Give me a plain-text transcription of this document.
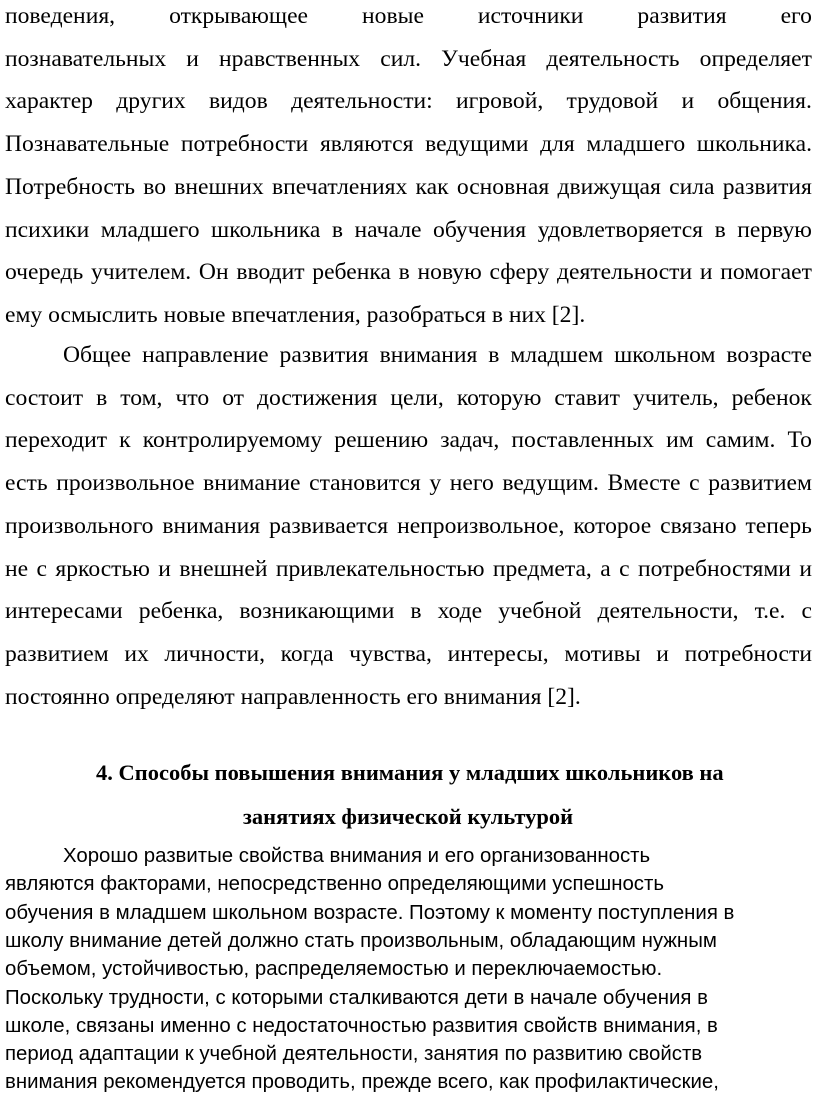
поведения, открывающее новые источники развития его
познавательных и нравственных сил. Учебная деятельность определяет
характер других видов деятельности: игровой, трудовой и общения.
Познавательные потребности являются ведущими для младшего школьника.
Потребность во внешних впечатлениях как основная движущая сила развития
психики младшего школьника в начале обучения удовлетворяется в первую
очередь учителем. Он вводит ребенка в новую сферу деятельности и помогает
ему осмыслить новые впечатления, разобраться в них [2].
Общее направление развития внимания в младшем школьном возрасте
состоит в том, что от достижения цели, которую ставит учитель, ребенок
переходит к контролируемому решению задач, поставленных им самим. То
есть произвольное внимание становится у него ведущим. Вместе с развитием
произвольного внимания развивается непроизвольное, которое связано теперь
не с яркостью и внешней привлекательностью предмета, а с потребностями и
интересами ребенка, возникающими в ходе учебной деятельности, т.е. с
развитием их личности, когда чувства, интересы, мотивы и потребности
постоянно определяют направленность его внимания [2].
4. Способы повышения внимания у младших школьников на
занятиях физической культурой
Хорошо развитые свойства внимания и его организованность
являются факторами, непосредственно определяющими успешность
обучения в младшем школьном возрасте. Поэтому к моменту поступления в
школу внимание детей должно стать произвольным, обладающим нужным
объемом, устойчивостью, распределяемостью и переключаемостью.
Поскольку трудности, с которыми сталкиваются дети в начале обучения в
школе, связаны именно с недостаточностью развития свойств внимания, в
период адаптации к учебной деятельности, занятия по развитию свойств
внимания рекомендуется проводить, прежде всего, как профилактические,
